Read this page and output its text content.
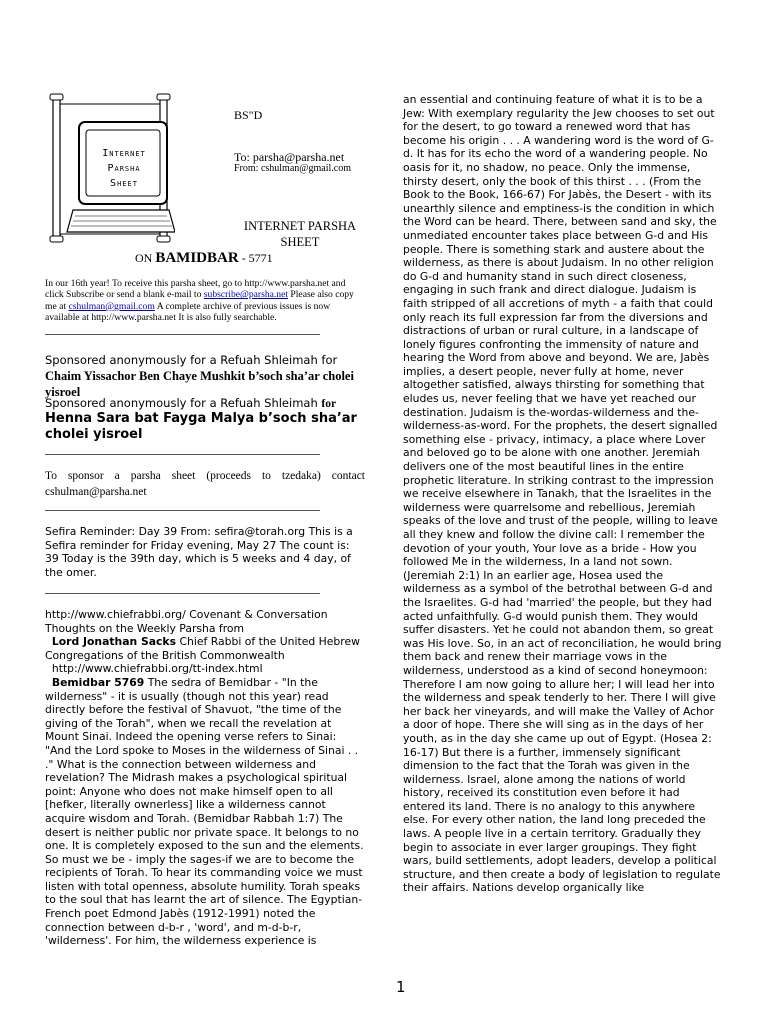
Internet
Parsha
Sheet
BS"D
To: parsha@parsha.net
From: cshulman@gmail.com
INTERNET PARSHA
SHEET
ON BAMIDBAR - 5771
In our 16th year! To receive this parsha sheet, go to http://www.parsha.net and click Subscribe or send a blank e-mail to subscribe@parsha.net Please also copy me at cshulman@gmail.com A complete archive of previous issues is now available at http://www.parsha.net It is also fully searchable.
Sponsored anonymously for a Refuah Shleimah for Chaim Yissachor Ben Chaye Mushkit b’soch sha’ar cholei yisroel
Sponsored anonymously for a Refuah Shleimah for
Henna Sara bat Fayga Malya b’soch sha’ar cholei yisroel
To sponsor a parsha sheet (proceeds to tzedaka) contact cshulman@parsha.net
Sefira Reminder: Day 39 From: sefira@torah.org This is a Sefira reminder for Friday evening, May 27 The count is: 39 Today is the 39th day, which is 5 weeks and 4 day, of the omer.
http://www.chiefrabbi.org/ Covenant & Conversation Thoughts on the Weekly Parsha from
Lord Jonathan Sacks Chief Rabbi of the United Hebrew Congregations of the British Commonwealth
http://www.chiefrabbi.org/tt-index.html
Bemidbar 5769 The sedra of Bemidbar - "In the wilderness" - it is usually (though not this year) read directly before the festival of Shavuot, "the time of the giving of the Torah", when we recall the revelation at Mount Sinai. Indeed the opening verse refers to Sinai: "And the Lord spoke to Moses in the wilderness of Sinai . . ." What is the connection between wilderness and revelation? The Midrash makes a psychological spiritual point: Anyone who does not make himself open to all [hefker, literally ownerless] like a wilderness cannot acquire wisdom and Torah. (Bemidbar Rabbah 1:7) The desert is neither public nor private space. It belongs to no one. It is completely exposed to the sun and the elements. So must we be - imply the sages-if we are to become the recipients of Torah. To hear its commanding voice we must listen with total openness, absolute humility. Torah speaks to the soul that has learnt the art of silence. The Egyptian-French poet Edmond Jabès (1912-1991) noted the connection between d-b-r , 'word', and m-d-b-r, 'wilderness'. For him, the wilderness experience is
an essential and continuing feature of what it is to be a Jew: With exemplary regularity the Jew chooses to set out for the desert, to go toward a renewed word that has become his origin . . . A wandering word is the word of G-d. It has for its echo the word of a wandering people. No oasis for it, no shadow, no peace. Only the immense, thirsty desert, only the book of this thirst . . . (From the Book to the Book, 166-67) For Jabès, the Desert - with its unearthly silence and emptiness-is the condition in which the Word can be heard. There, between sand and sky, the unmediated encounter takes place between G-d and His people. There is something stark and austere about the wilderness, as there is about Judaism. In no other religion do G-d and humanity stand in such direct closeness, engaging in such frank and direct dialogue. Judaism is faith stripped of all accretions of myth - a faith that could only reach its full expression far from the diversions and distractions of urban or rural culture, in a landscape of lonely figures confronting the immensity of nature and hearing the Word from above and beyond. We are, Jabès implies, a desert people, never fully at home, never altogether satisfied, always thirsting for something that eludes us, never feeling that we have yet reached our destination. Judaism is the-wordas-wilderness and the-wilderness-as-word. For the prophets, the desert signalled something else - privacy, intimacy, a place where Lover and beloved go to be alone with one another. Jeremiah delivers one of the most beautiful lines in the entire prophetic literature. In striking contrast to the impression we receive elsewhere in Tanakh, that the Israelites in the wilderness were quarrelsome and rebellious, Jeremiah speaks of the love and trust of the people, willing to leave all they knew and follow the divine call: I remember the devotion of your youth, Your love as a bride - How you followed Me in the wilderness, In a land not sown. (Jeremiah 2:1) In an earlier age, Hosea used the wilderness as a symbol of the betrothal between G-d and the Israelites. G-d had 'married' the people, but they had acted unfaithfully. G-d would punish them. They would suffer disasters. Yet he could not abandon them, so great was His love. So, in an act of reconciliation, he would bring them back and renew their marriage vows in the wilderness, understood as a kind of second honeymoon: Therefore I am now going to allure her; I will lead her into the wilderness and speak tenderly to her. There I will give her back her vineyards, and will make the Valley of Achor a door of hope. There she will sing as in the days of her youth, as in the day she came up out of Egypt. (Hosea 2: 16-17) But there is a further, immensely significant dimension to the fact that the Torah was given in the wilderness. Israel, alone among the nations of world history, received its constitution even before it had entered its land. There is no analogy to this anywhere else. For every other nation, the land long preceded the laws. A people live in a certain territory. Gradually they begin to associate in ever larger groupings. They fight wars, build settlements, adopt leaders, develop a political structure, and then create a body of legislation to regulate their affairs. Nations develop organically like
1
